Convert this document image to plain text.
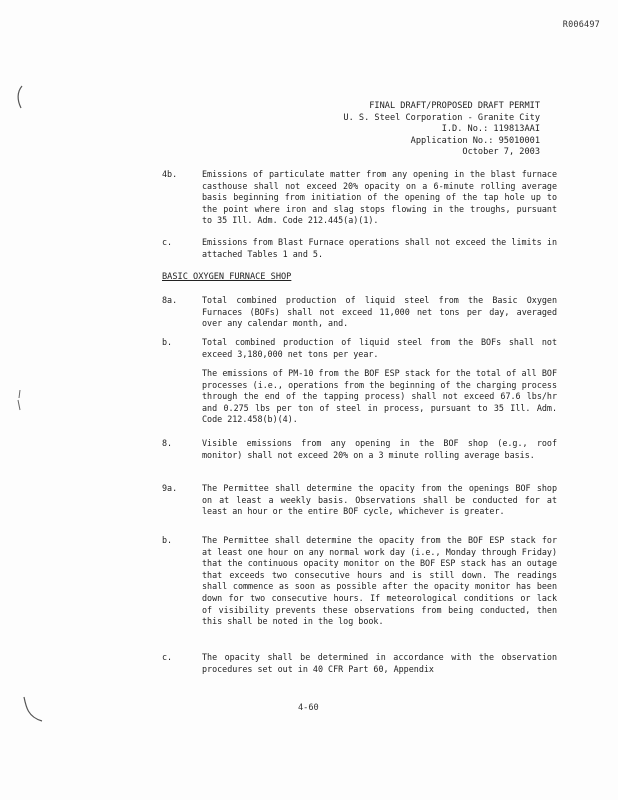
R006497
FINAL DRAFT/PROPOSED DRAFT PERMIT
U. S. Steel Corporation - Granite City
I.D. No.: 119813AAI
Application No.: 95010001
October 7, 2003
4b.	Emissions of particulate matter from any opening in the blast furnace casthouse shall not exceed 20% opacity on a 6-minute rolling average basis beginning from initiation of the opening of the tap hole up to the point where iron and slag stops flowing in the troughs, pursuant to 35 Ill. Adm. Code 212.445(a)(1).
c.	Emissions from Blast Furnace operations shall not exceed the limits in attached Tables 1 and 5.
BASIC OXYGEN FURNACE SHOP
8a.	Total combined production of liquid steel from the Basic Oxygen Furnaces (BOFs) shall not exceed 11,000 net tons per day, averaged over any calendar month, and.
b.	Total combined production of liquid steel from the BOFs shall not exceed 3,180,000 net tons per year.
The emissions of PM-10 from the BOF ESP stack for the total of all BOF processes (i.e., operations from the beginning of the charging process through the end of the tapping process) shall not exceed 67.6 lbs/hr and 0.275 lbs per ton of steel in process, pursuant to 35 Ill. Adm. Code 212.458(b)(4).
8.	Visible emissions from any opening in the BOF shop (e.g., roof monitor) shall not exceed 20% on a 3 minute rolling average basis.
9a.	The Permittee shall determine the opacity from the openings BOF shop on at least a weekly basis. Observations shall be conducted for at least an hour or the entire BOF cycle, whichever is greater.
b.	The Permittee shall determine the opacity from the BOF ESP stack for at least one hour on any normal work day (i.e., Monday through Friday) that the continuous opacity monitor on the BOF ESP stack has an outage that exceeds two consecutive hours and is still down. The readings shall commence as soon as possible after the opacity monitor has been down for two consecutive hours. If meteorological conditions or lack of visibility prevents these observations from being conducted, then this shall be noted in the log book.
c.	The opacity shall be determined in accordance with the observation procedures set out in 40 CFR Part 60, Appendix
4-60
